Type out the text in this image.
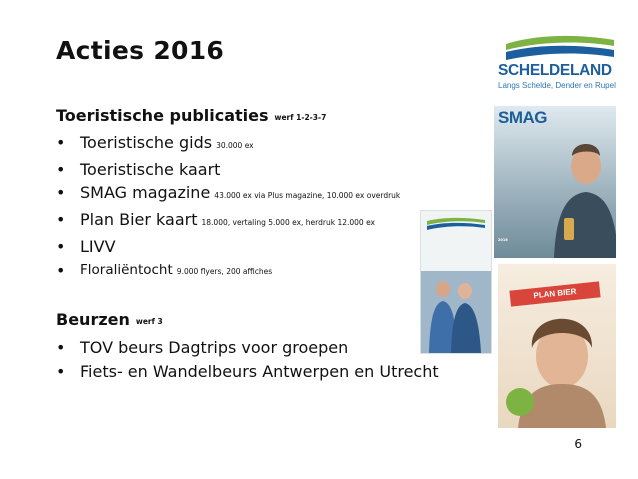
Acties 2016
Toeristische publicaties werf 1-2-3-7
• Toeristische gids 30.000 ex
• Toeristische kaart
• SMAG magazine 43.000 ex via Plus magazine, 10.000 ex overdruk
• Plan Bier kaart 18.000, vertaling 5.000 ex, herdruk 12.000 ex
• LIVV
• Floraliëntocht 9.000 flyers, 200 affiches
Beurzen werf 3
• TOV beurs Dagtrips voor groepen
• Fiets- en Wandelbeurs Antwerpen en Utrecht
6
SCHELDELAND
Langs Schelde, Dender en Rupel
SMAG
2016
PLAN BIER
